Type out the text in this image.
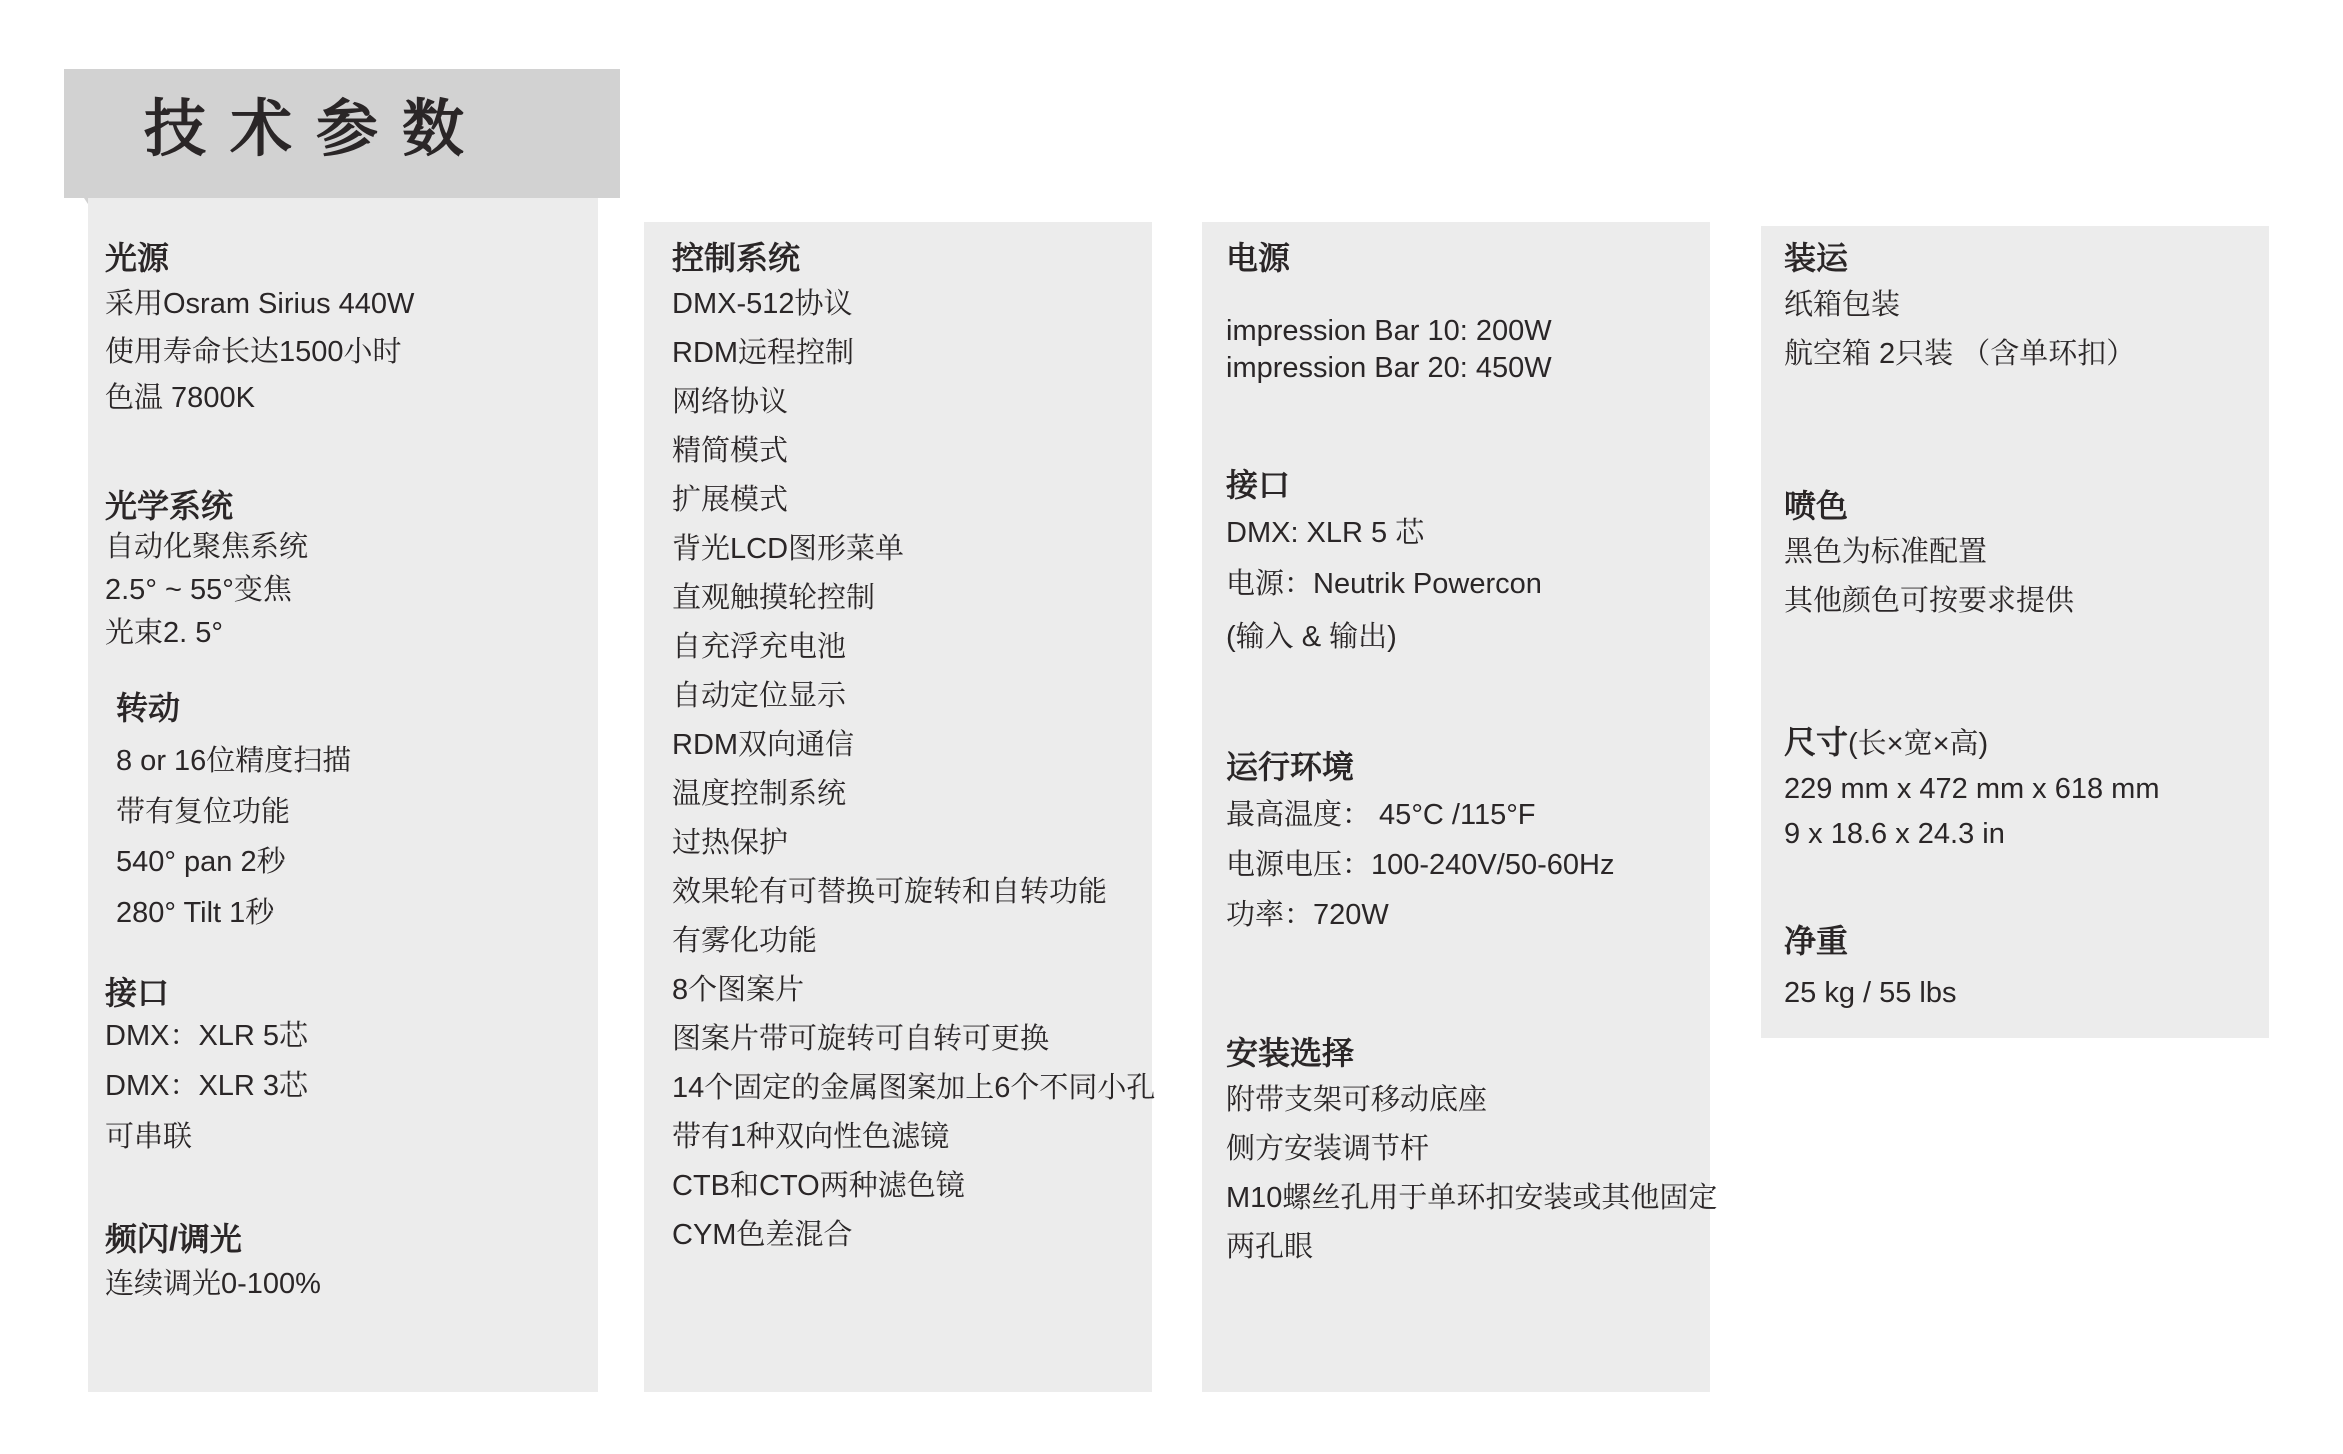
技术参数
光源
采用Osram Sirius 440W
使用寿命长达1500小时
色温 7800K
光学系统
自动化聚焦系统
2.5° ~ 55°变焦
光束2. 5°
转动
8 or 16位精度扫描
带有复位功能
540° pan 2秒
280° Tilt 1秒
接口
DMX：XLR 5芯
DMX：XLR 3芯
可串联
频闪/调光
连续调光0-100%
控制系统
DMX-512协议
RDM远程控制
网络协议
精简模式
扩展模式
背光LCD图形菜单
直观触摸轮控制
自充浮充电池
自动定位显示
RDM双向通信
温度控制系统
过热保护
效果轮有可替换可旋转和自转功能
有雾化功能
8个图案片
图案片带可旋转可自转可更换
14个固定的金属图案加上6个不同小孔
带有1种双向性色滤镜
CTB和CTO两种滤色镜
CYM色差混合
电源
impression Bar 10: 200W
impression Bar 20: 450W
接口
DMX: XLR 5 芯
电源：Neutrik Powercon
(输入 & 输出)
运行环境
最高温度： 45°C /115°F
电源电压：100-240V/50-60Hz
功率：720W
安装选择
附带支架可移动底座
侧方安装调节杆
M10螺丝孔用于单环扣安装或其他固定
两孔眼
装运
纸箱包装
航空箱 2只装 （含单环扣）
喷色
黑色为标准配置
其他颜色可按要求提供
尺寸(长×宽×高)
229 mm x 472 mm x 618 mm
9 x 18.6 x 24.3 in
净重
25 kg / 55 lbs
